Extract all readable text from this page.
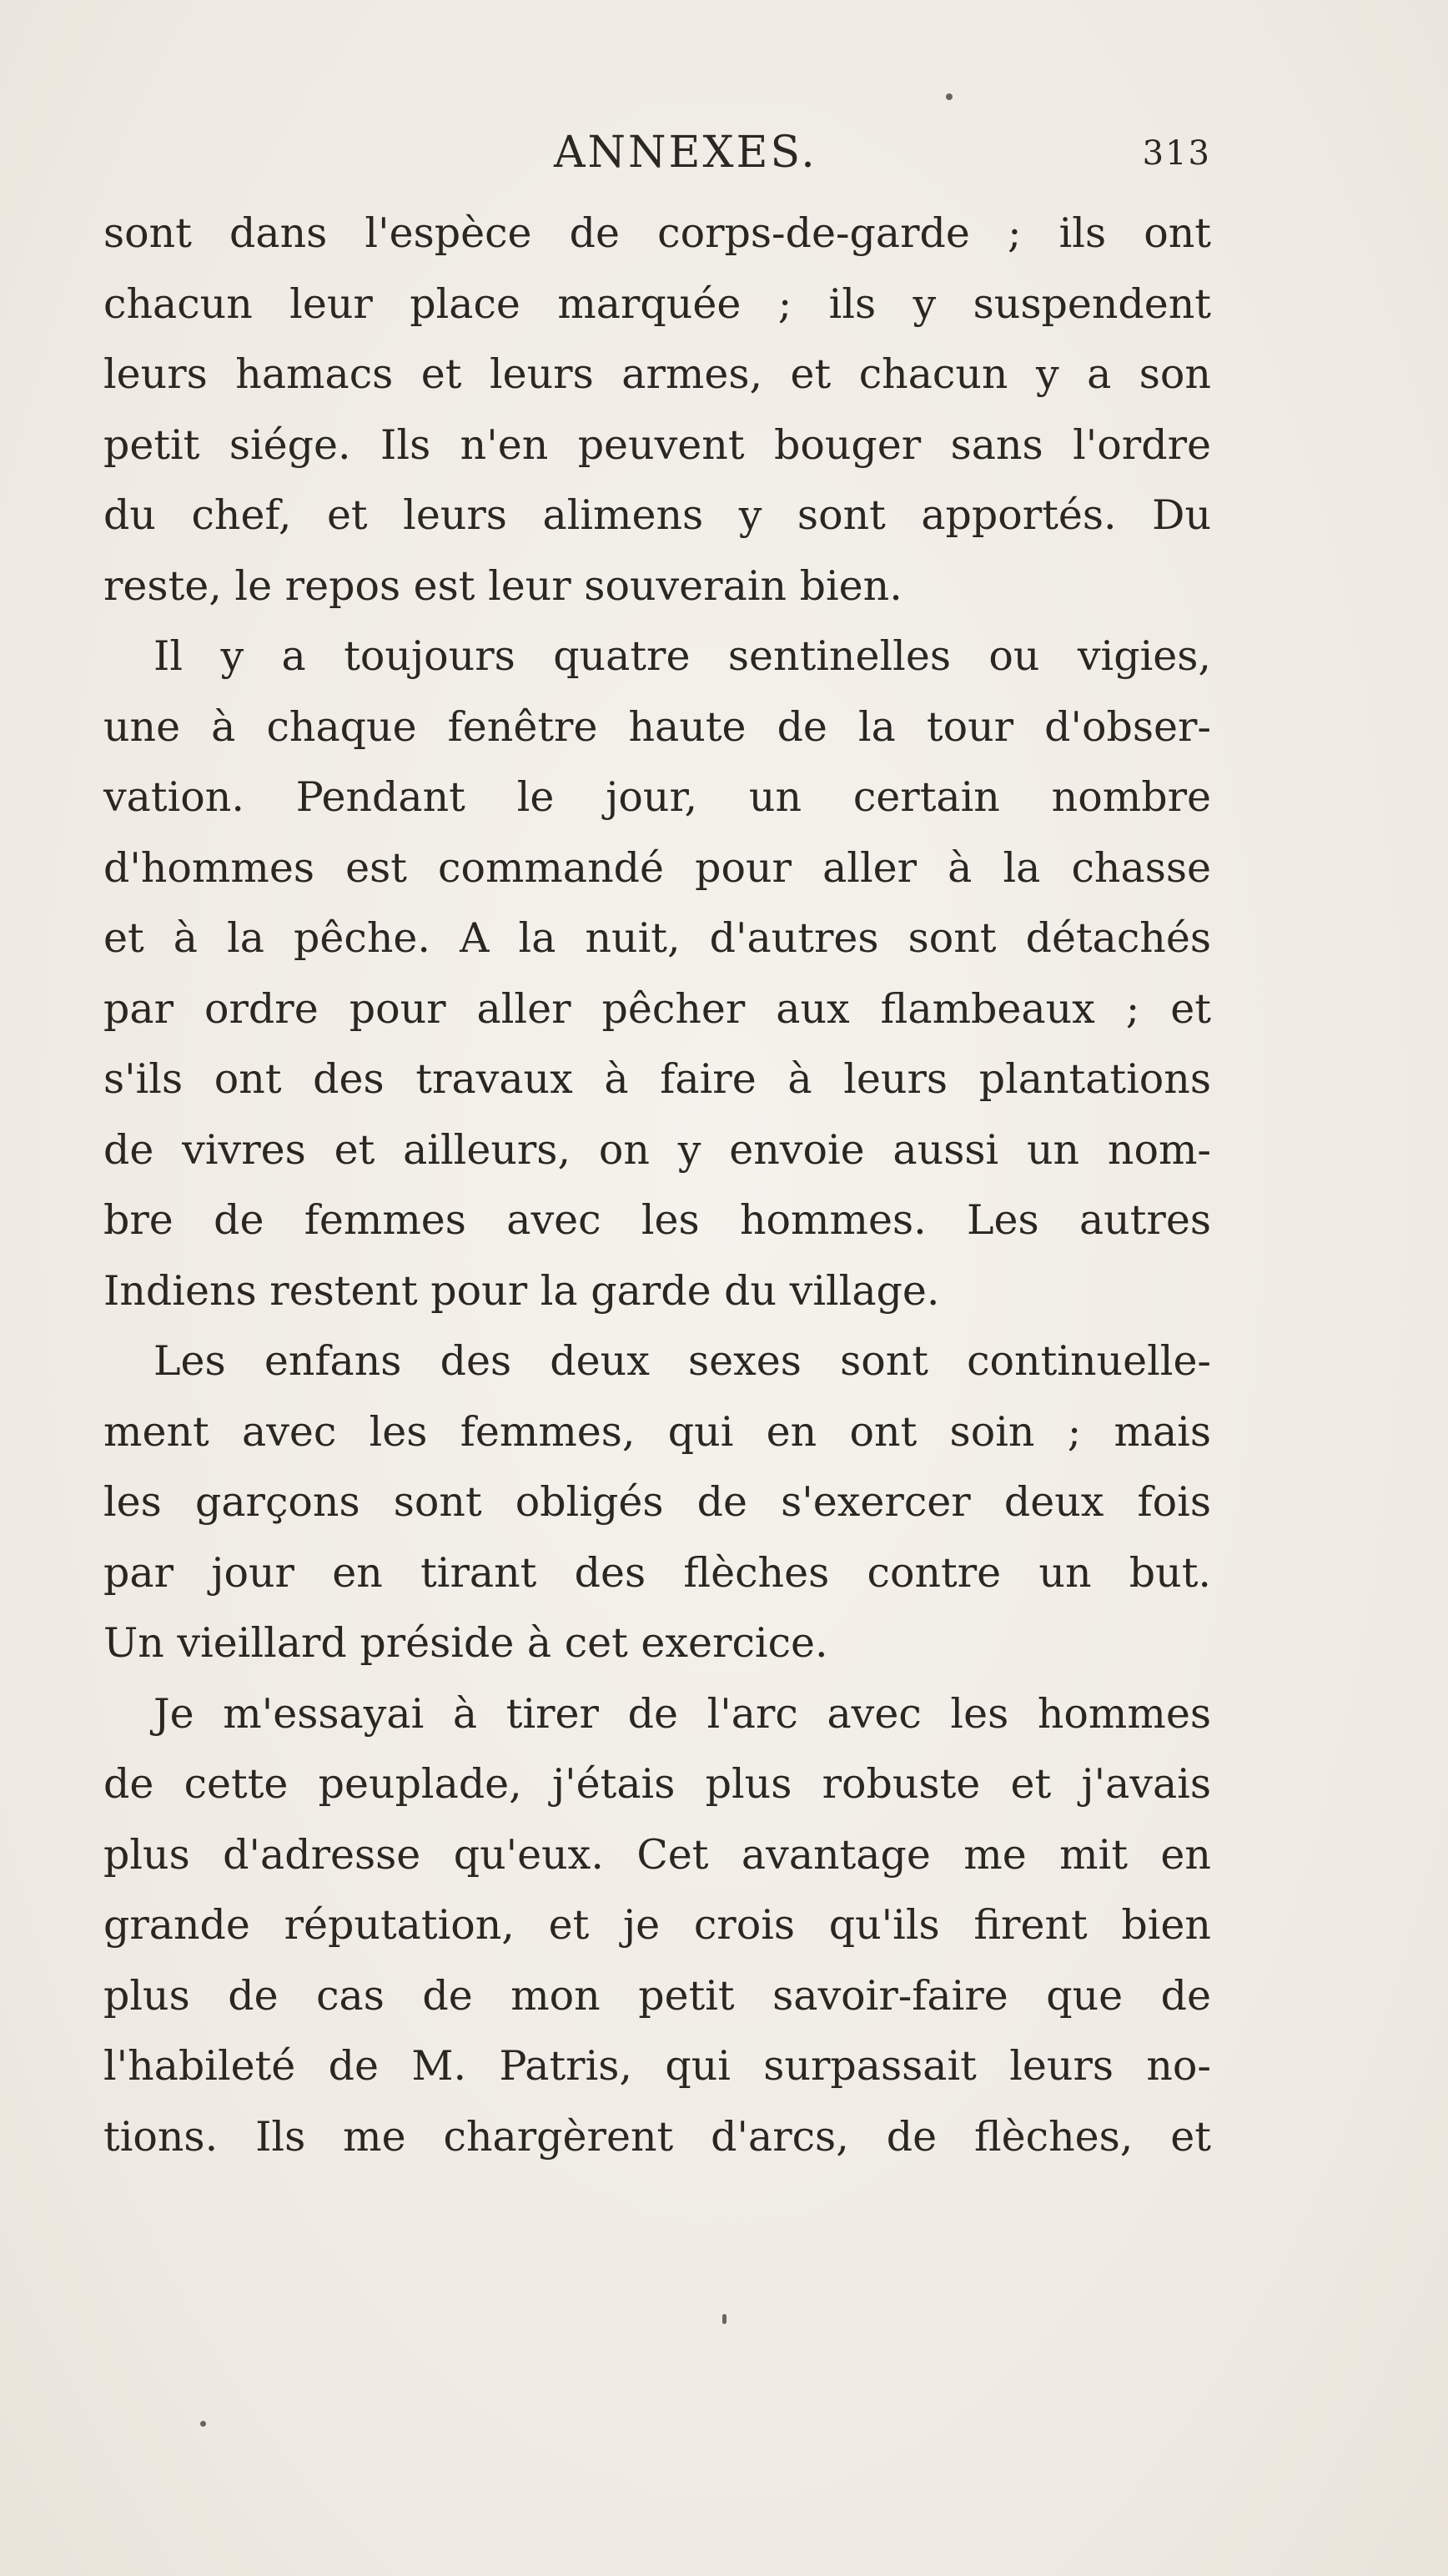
ANNEXES.	313
sont dans l'espèce de corps-de-garde ; ils ont
chacun leur place marquée ; ils y suspendent
leurs hamacs et leurs armes, et chacun y a son
petit siége. Ils n'en peuvent bouger sans l'ordre
du chef, et leurs alimens y sont apportés. Du
reste, le repos est leur souverain bien.
Il y a toujours quatre sentinelles ou vigies,
une à chaque fenêtre haute de la tour d'obser-
vation. Pendant le jour, un certain nombre
d'hommes est commandé pour aller à la chasse
et à la pêche. A la nuit, d'autres sont détachés
par ordre pour aller pêcher aux flambeaux ; et
s'ils ont des travaux à faire à leurs plantations
de vivres et ailleurs, on y envoie aussi un nom-
bre de femmes avec les hommes. Les autres
Indiens restent pour la garde du village.
Les enfans des deux sexes sont continuelle-
ment avec les femmes, qui en ont soin ; mais
les garçons sont obligés de s'exercer deux fois
par jour en tirant des flèches contre un but.
Un vieillard préside à cet exercice.
Je m'essayai à tirer de l'arc avec les hommes
de cette peuplade, j'étais plus robuste et j'avais
plus d'adresse qu'eux. Cet avantage me mit en
grande réputation, et je crois qu'ils firent bien
plus de cas de mon petit savoir-faire que de
l'habileté de M. Patris, qui surpassait leurs no-
tions. Ils me chargèrent d'arcs, de flèches, et
